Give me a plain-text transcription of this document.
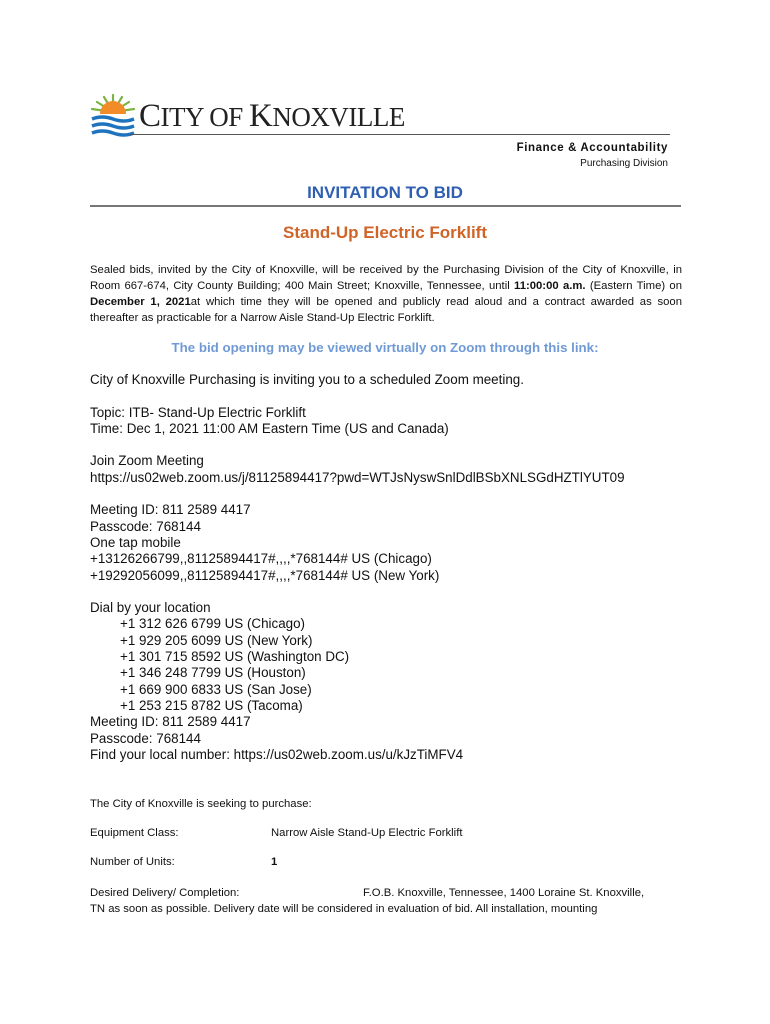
CITY OF KNOXVILLE
Finance & Accountability
Purchasing Division
INVITATION TO BID
Stand-Up Electric Forklift
Sealed bids, invited by the City of Knoxville, will be received by the Purchasing Division of the City of Knoxville, in Room 667-674, City County Building; 400 Main Street; Knoxville, Tennessee, until 11:00:00 a.m. (Eastern Time) on December 1, 2021at which time they will be opened and publicly read aloud and a contract awarded as soon thereafter as practicable for a Narrow Aisle Stand-Up Electric Forklift.
The bid opening may be viewed virtually on Zoom through this link:

City of Knoxville Purchasing is inviting you to a scheduled Zoom meeting.

Topic: ITB- Stand-Up Electric Forklift

Time: Dec 1, 2021 11:00 AM Eastern Time (US and Canada)

Join Zoom Meeting

https://us02web.zoom.us/j/81125894417?pwd=WTJsNyswSnlDdlBSbXNLSGdHZTlYUT09

Meeting ID: 811 2589 4417

Passcode: 768144

One tap mobile

+13126266799,,81125894417#,,,,*768144# US (Chicago)

+19292056099,,81125894417#,,,,*768144# US (New York)

Dial by your location

+1 312 626 6799 US (Chicago)

+1 929 205 6099 US (New York)

+1 301 715 8592 US (Washington DC)

+1 346 248 7799 US (Houston)

+1 669 900 6833 US (San Jose)

+1 253 215 8782 US (Tacoma)

Meeting ID: 811 2589 4417

Passcode: 768144

Find your local number: https://us02web.zoom.us/u/kJzTiMFV4

The City of Knoxville is seeking to purchase:
Equipment Class:	Narrow Aisle Stand-Up Electric Forklift
Number of Units:	1
Desired Delivery/ Completion:	F.O.B. Knoxville, Tennessee, 1400 Loraine St. Knoxville,
TN as soon as possible. Delivery date will be considered in evaluation of bid. All installation, mounting
